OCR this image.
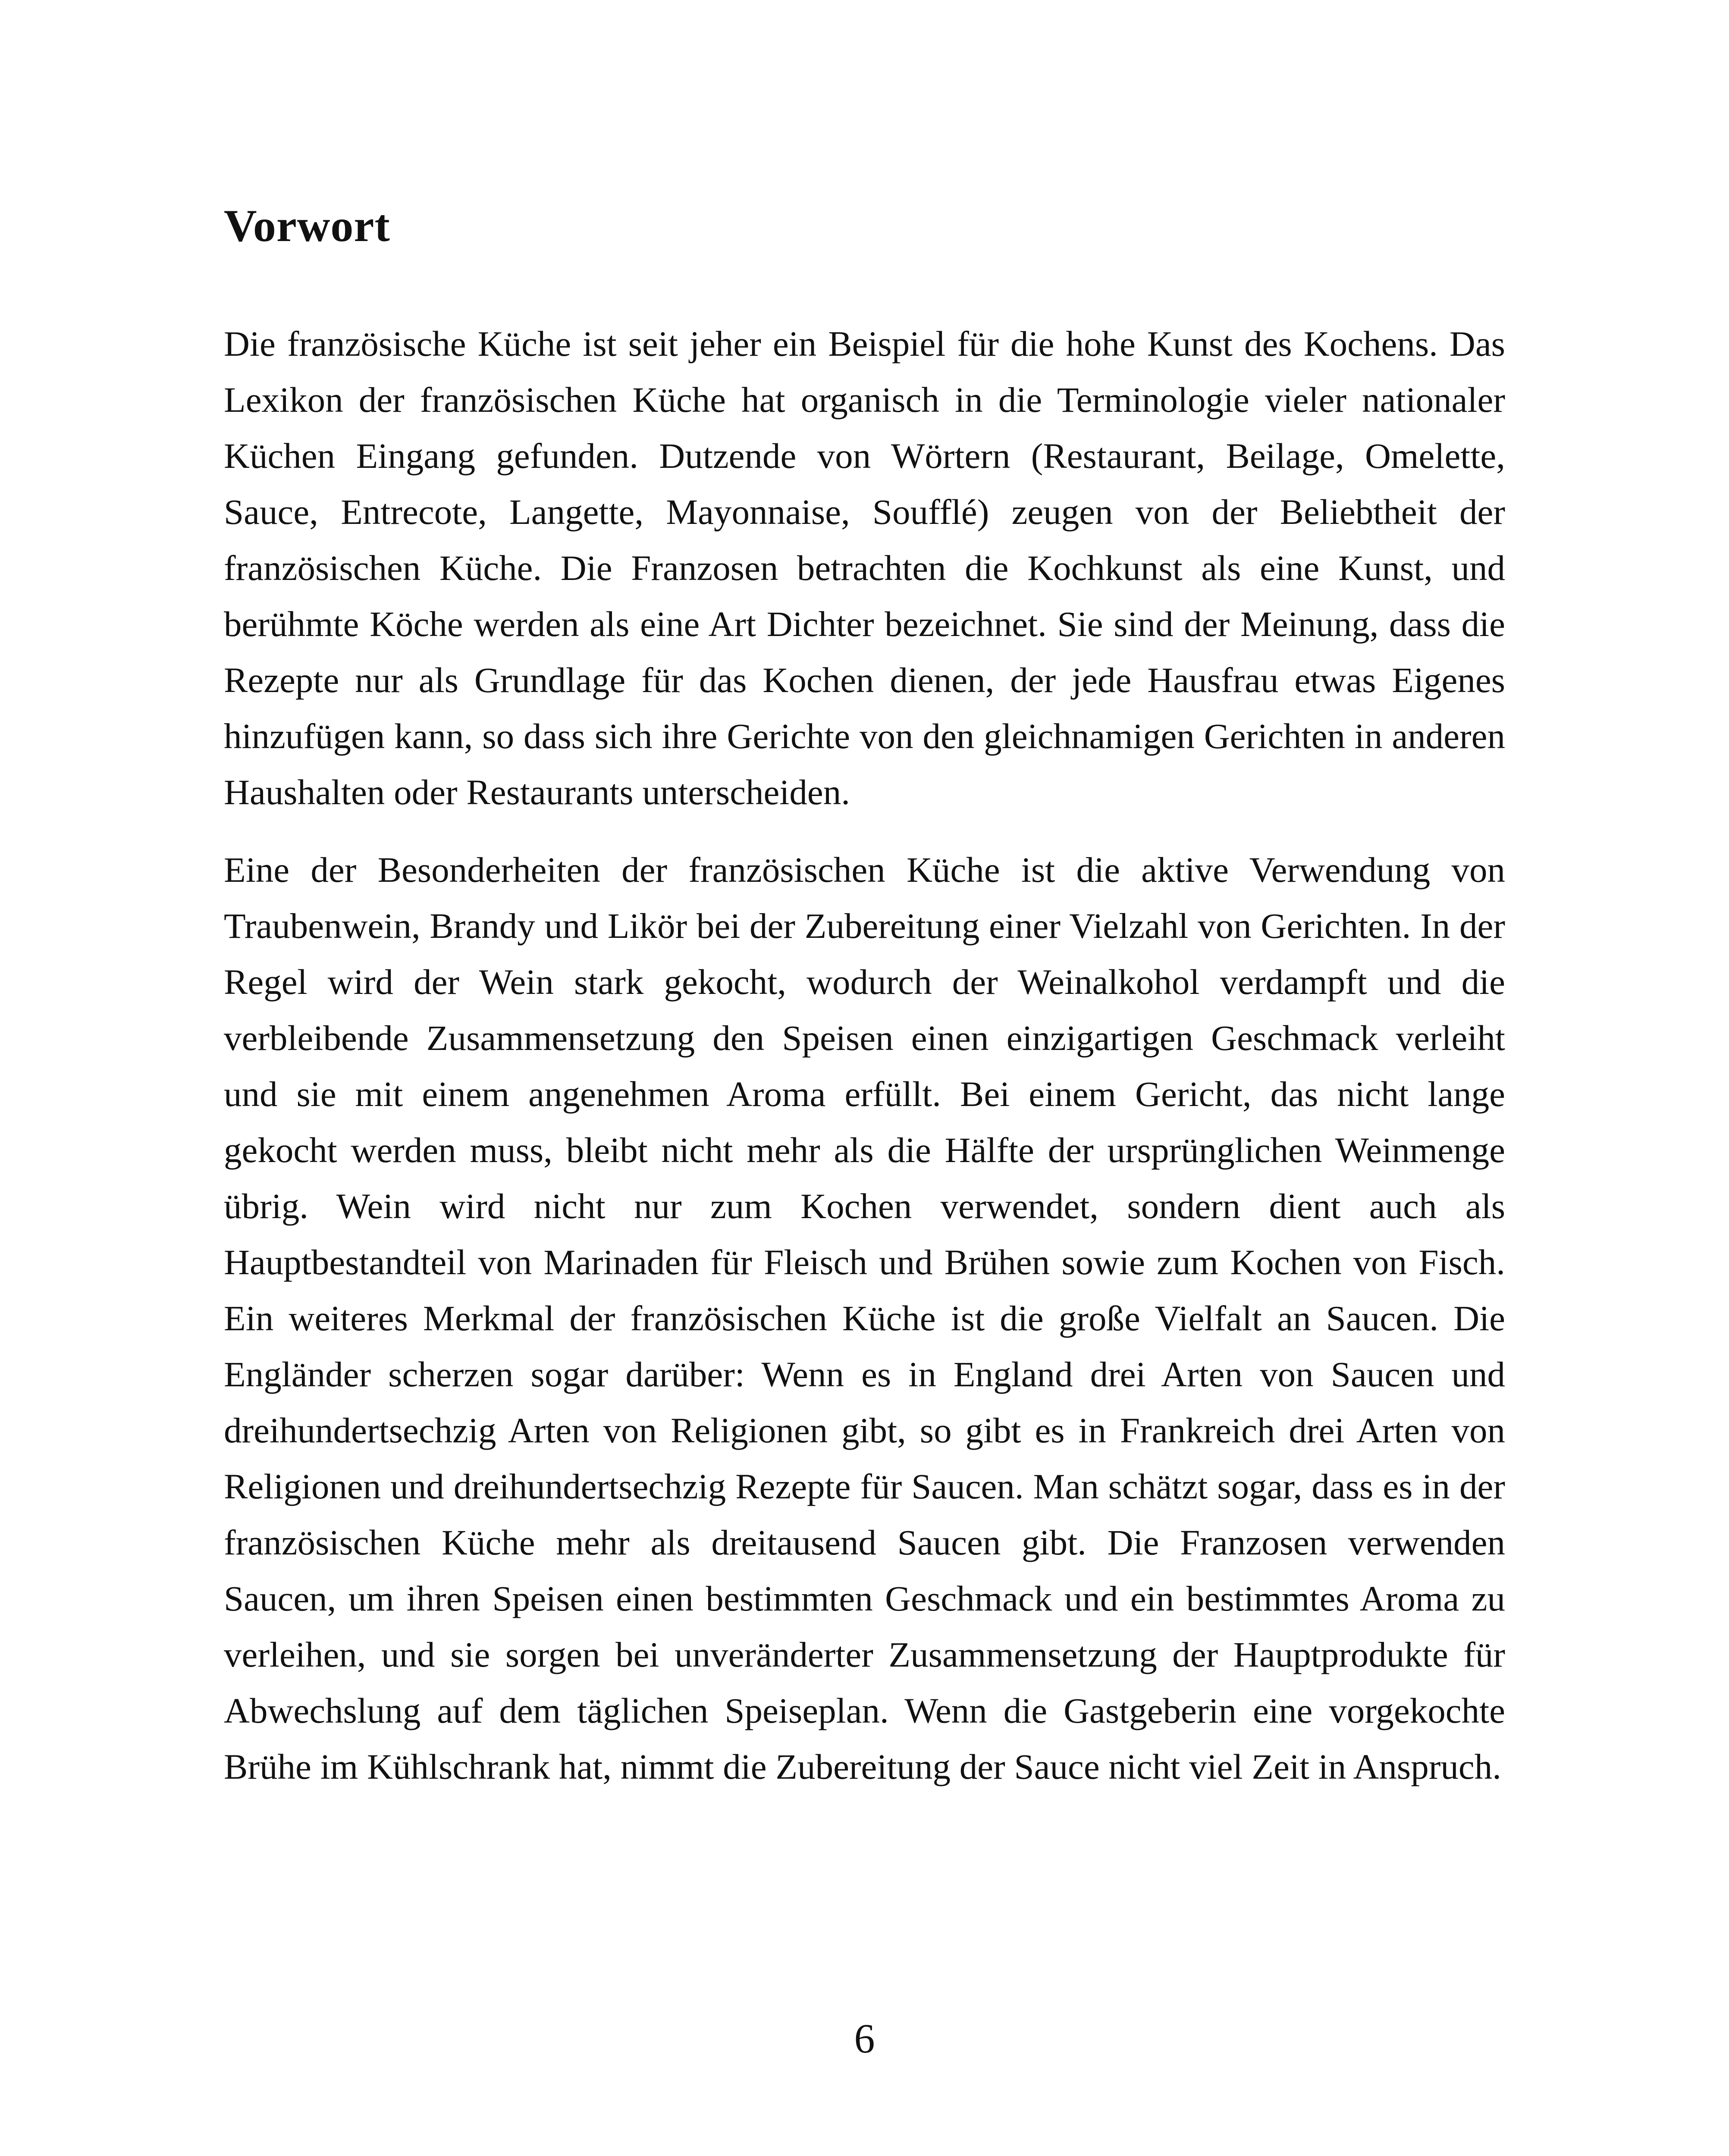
Vorwort

Die französische Küche ist seit jeher ein Beispiel für die hohe Kunst des Kochens. Das Lexikon der französischen Küche hat organisch in die Terminologie vieler nationaler Küchen Eingang gefunden. Dutzende von Wörtern (Restaurant, Beilage, Omelette, Sauce, Entrecote, Langette, Mayonnaise, Soufflé) zeugen von der Beliebtheit der französischen Küche. Die Franzosen betrachten die Kochkunst als eine Kunst, und berühmte Köche werden als eine Art Dichter bezeichnet. Sie sind der Meinung, dass die Rezepte nur als Grundlage für das Kochen dienen, der jede Hausfrau etwas Eigenes hinzufügen kann, so dass sich ihre Gerichte von den gleichnamigen Gerichten in anderen Haushalten oder Restaurants unterscheiden.

Eine der Besonderheiten der französischen Küche ist die aktive Verwendung von Traubenwein, Brandy und Likör bei der Zubereitung einer Vielzahl von Gerichten. In der Regel wird der Wein stark gekocht, wodurch der Weinalkohol verdampft und die verbleibende Zusammensetzung den Speisen einen einzigartigen Geschmack verleiht und sie mit einem angenehmen Aroma erfüllt. Bei einem Gericht, das nicht lange gekocht werden muss, bleibt nicht mehr als die Hälfte der ursprünglichen Weinmenge übrig. Wein wird nicht nur zum Kochen verwendet, sondern dient auch als Hauptbestandteil von Marinaden für Fleisch und Brühen sowie zum Kochen von Fisch. Ein weiteres Merkmal der französischen Küche ist die große Vielfalt an Saucen. Die Engländer scherzen sogar darüber: Wenn es in England drei Arten von Saucen und dreihundertsechzig Arten von Religionen gibt, so gibt es in Frankreich drei Arten von Religionen und dreihundertsechzig Rezepte für Saucen. Man schätzt sogar, dass es in der französischen Küche mehr als dreitausend Saucen gibt. Die Franzosen verwenden Saucen, um ihren Speisen einen bestimmten Geschmack und ein bestimmtes Aroma zu verleihen, und sie sorgen bei unveränderter Zusammensetzung der Hauptprodukte für Abwechslung auf dem täglichen Speiseplan. Wenn die Gastgeberin eine vorgekochte Brühe im Kühlschrank hat, nimmt die Zubereitung der Sauce nicht viel Zeit in Anspruch.

6
